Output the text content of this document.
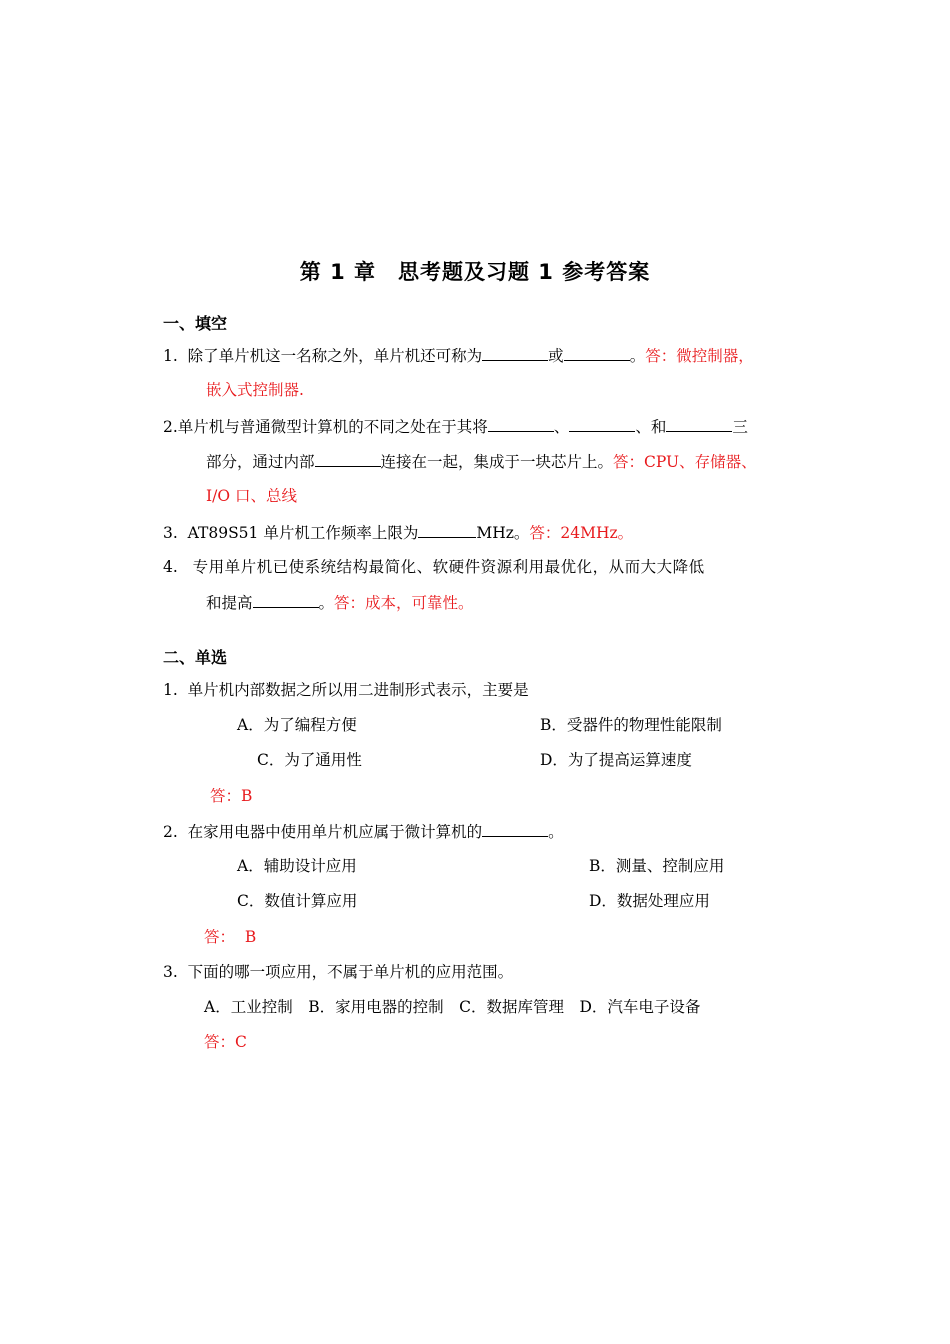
第 1 章　思考题及习题 1 参考答案
一、填空
1. 除了单片机这一名称之外，单片机还可称为	或	。答：微控制器，
嵌入式控制器.
2.单片机与普通微型计算机的不同之处在于其将	、	、和	三
部分，通过内部	连接在一起，集成于一块芯片上。答：CPU、存储器、
I/O 口、总线
3. AT89S51 单片机工作频率上限为	MHz。答：24MHz。
4. 专用单片机已使系统结构最简化、软硬件资源利用最优化，从而大大降低
和提高	。答：成本，可靠性。
二、单选
1. 单片机内部数据之所以用二进制形式表示，主要是
A．为了编程方便	B．受器件的物理性能限制
C．为了通用性	D．为了提高运算速度
答：B
2. 在家用电器中使用单片机应属于微计算机的	。
A．辅助设计应用	B．测量、控制应用
C．数值计算应用	D．数据处理应用
答：  B
3. 下面的哪一项应用，不属于单片机的应用范围。
A．工业控制　B．家用电器的控制　C．数据库管理　D．汽车电子设备
答：C
